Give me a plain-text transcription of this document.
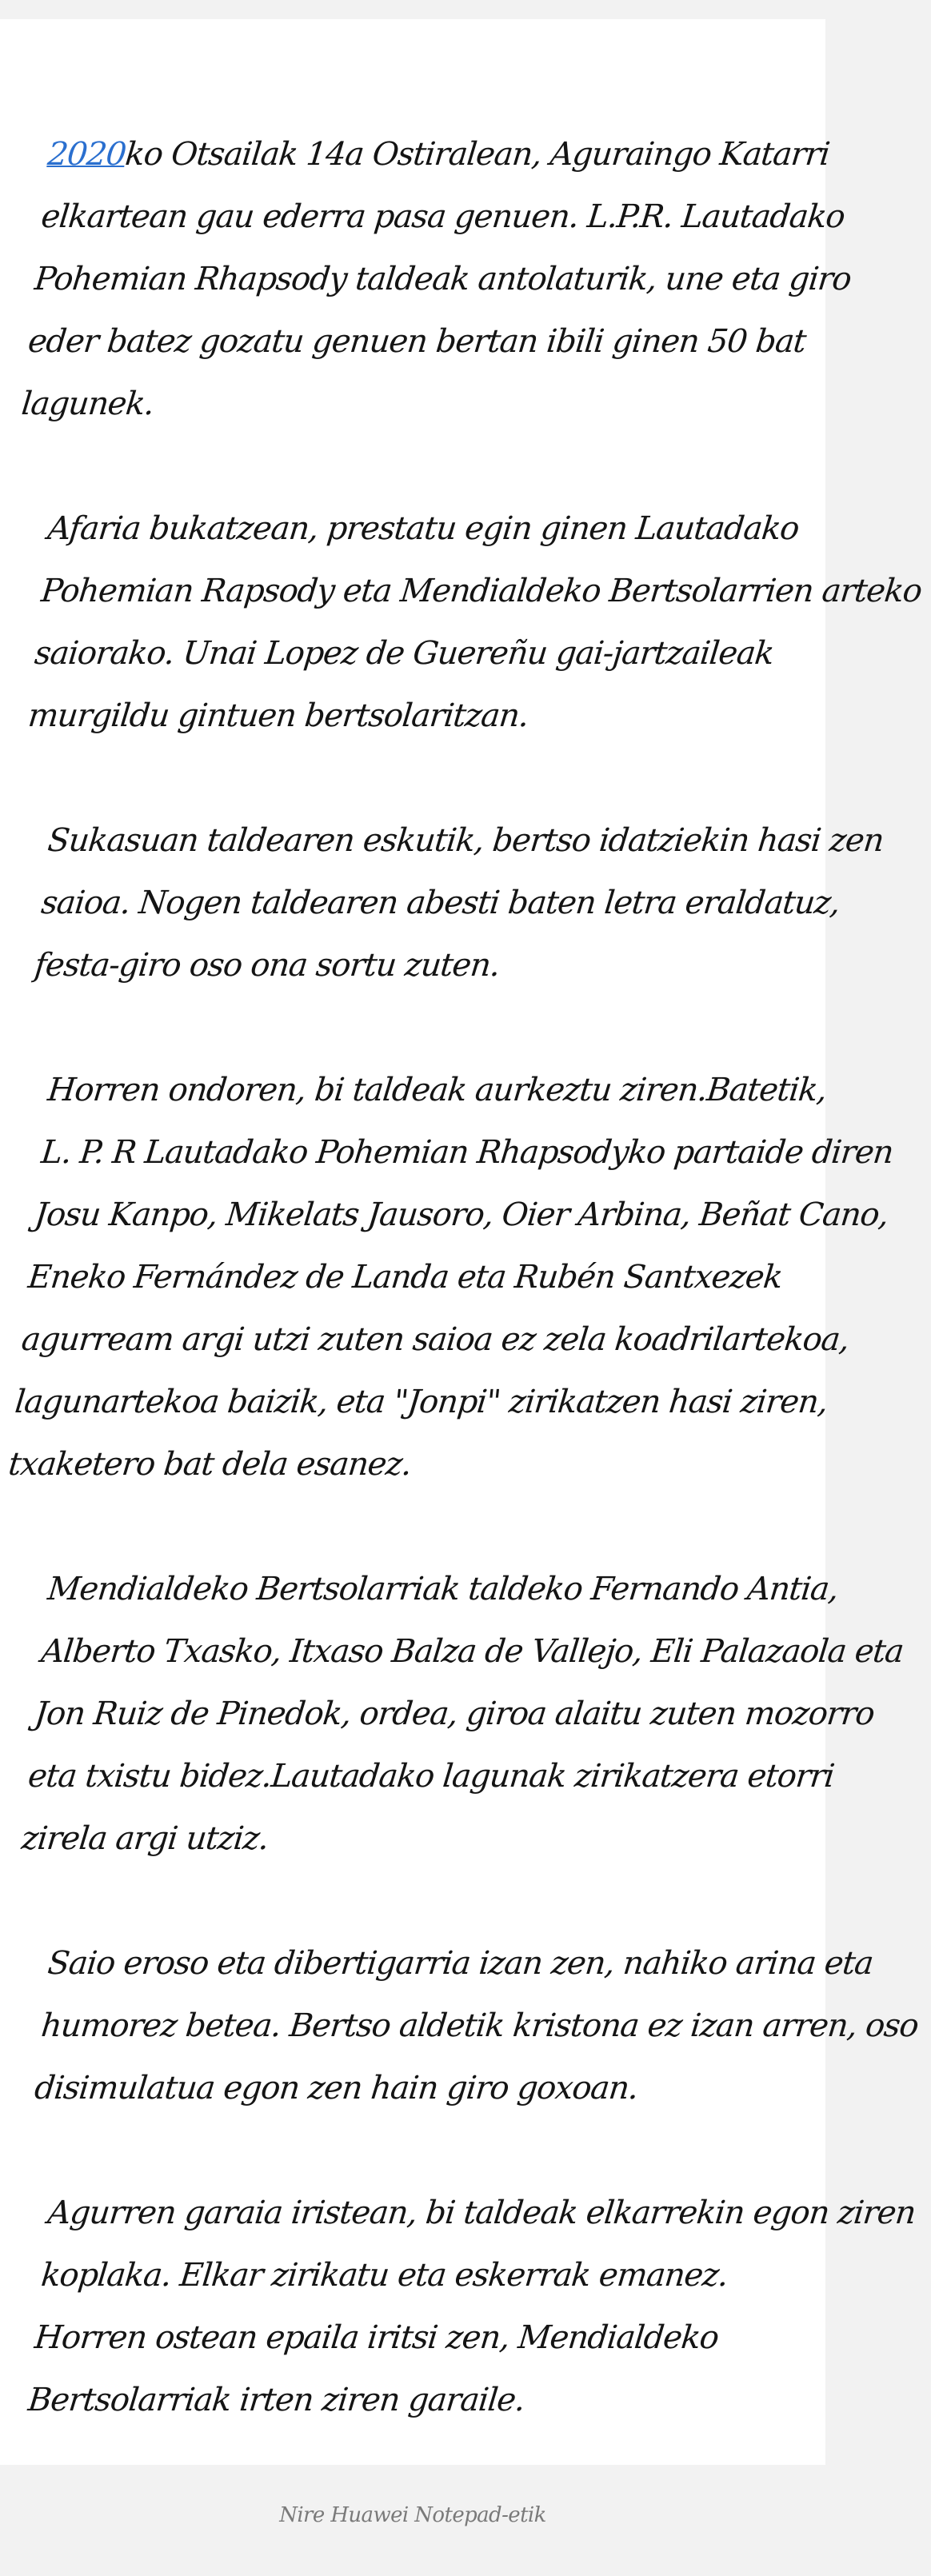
2020ko Otsailak 14a Ostiralean, Aguraingo Katarri
elkartean gau ederra pasa genuen. L.P.R. Lautadako
Pohemian Rhapsody taldeak antolaturik, une eta giro
eder batez gozatu genuen bertan ibili ginen 50 bat
lagunek.

Afaria bukatzean, prestatu egin ginen Lautadako
Pohemian Rapsody eta Mendialdeko Bertsolarrien arteko
saiorako. Unai Lopez de Guereñu gai-jartzaileak
murgildu gintuen bertsolaritzan.

Sukasuan taldearen eskutik, bertso idatziekin hasi zen
saioa. Nogen taldearen abesti baten letra eraldatuz,
festa-giro oso ona sortu zuten.

Horren ondoren, bi taldeak aurkeztu ziren.Batetik,
L. P. R Lautadako Pohemian Rhapsodyko partaide diren
Josu Kanpo, Mikelats Jausoro, Oier Arbina, Beñat Cano,
Eneko Fernández de Landa eta Rubén Santxezek
agurream argi utzi zuten saioa ez zela koadrilartekoa,
lagunartekoa baizik, eta "Jonpi" zirikatzen hasi ziren,
txaketero bat dela esanez.

Mendialdeko Bertsolarriak taldeko Fernando Antia,
Alberto Txasko, Itxaso Balza de Vallejo, Eli Palazaola eta
Jon Ruiz de Pinedok, ordea, giroa alaitu zuten mozorro
eta txistu bidez.Lautadako lagunak zirikatzera etorri
zirela argi utziz.

Saio eroso eta dibertigarria izan zen, nahiko arina eta
humorez betea. Bertso aldetik kristona ez izan arren, oso
disimulatua egon zen hain giro goxoan.

Agurren garaia iristean, bi taldeak elkarrekin egon ziren
koplaka. Elkar zirikatu eta eskerrak emanez.
Horren ostean epaila iritsi zen, Mendialdeko
Bertsolarriak irten ziren garaile.

Nire Huawei Notepad-etik
